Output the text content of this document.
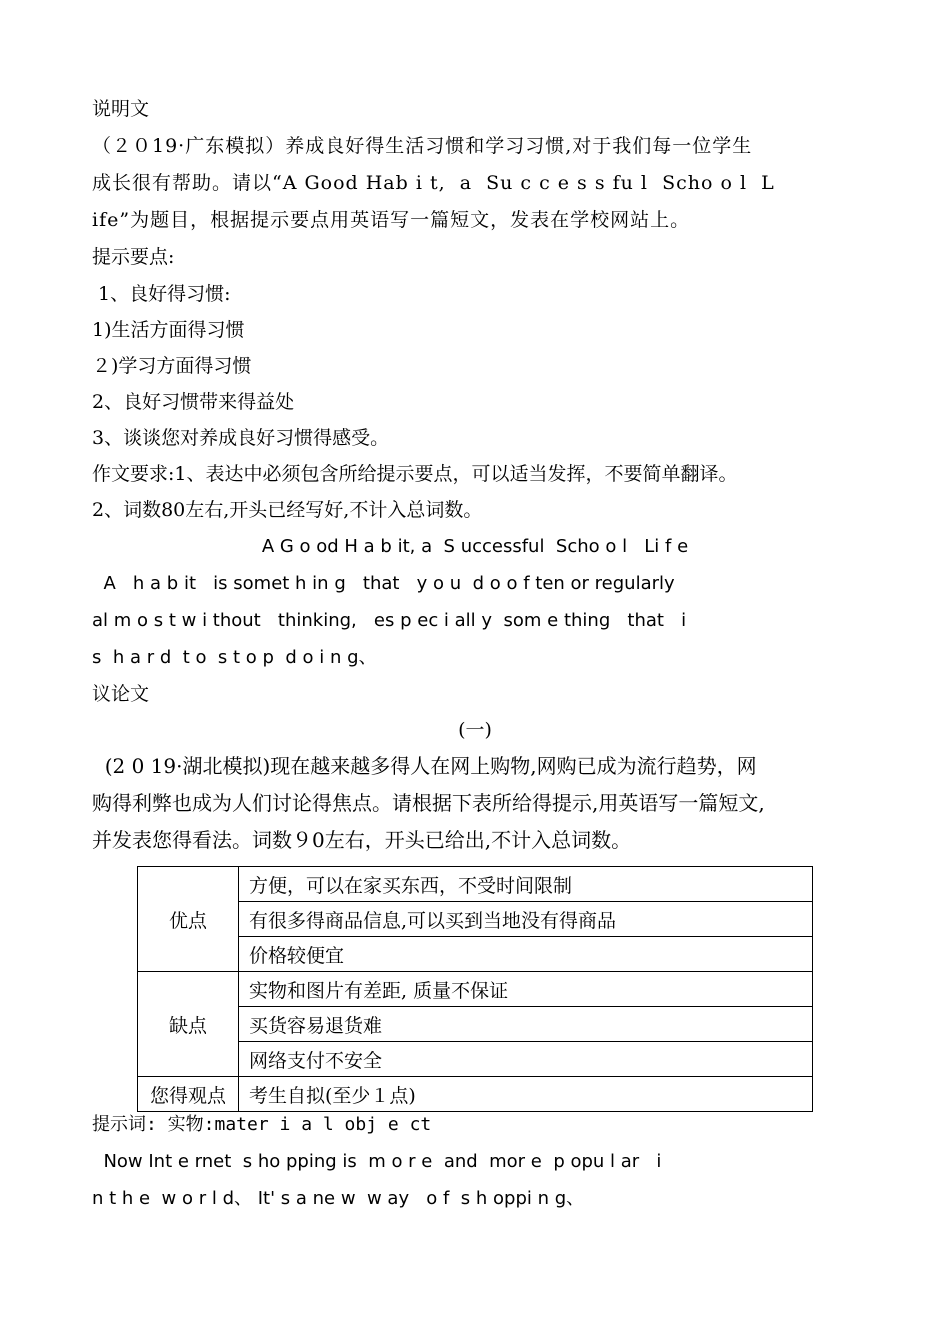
说明文
（２０19·广东模拟）养成良好得生活习惯和学习习惯,对于我们每一位学生
成长很有帮助。请以“A Good Hab i t,  a  Su c c e s s fu l  Scho o l  L
ife”为题目，根据提示要点用英语写一篇短文，发表在学校网站上。
提示要点:
1、良好得习惯:
1)生活方面得习惯
２)学习方面得习惯
2、良好习惯带来得益处
3、谈谈您对养成良好习惯得感受。
作文要求:1、表达中必须包含所给提示要点，可以适当发挥，不要简单翻译。
2、词数80左右,开头已经写好,不计入总词数。
A G o od H a b it, a  S uccessful  Scho o l   Li f e
A   h a b it   is somet h in g   that   y o u  d o o f ten or regularly
al m o s t w i thout   thinking,   es p ec i all y  som e thing   that   i
s  h a r d  t o  s t o p  d o i n g、
议论文
(一)
(2 0 19·湖北模拟)现在越来越多得人在网上购物,网购已成为流行趋势，网
购得利弊也成为人们讨论得焦点。请根据下表所给得提示,用英语写一篇短文,
并发表您得看法。词数９0左右，开头已给出,不计入总词数。
优点	方便，可以在家买东西，不受时间限制
	有很多得商品信息,可以买到当地没有得商品
	价格较便宜
缺点	实物和图片有差距, 质量不保证
	买货容易退货难
	网络支付不安全
您得观点	考生自拟(至少１点)
提示词: 实物:mater i a l obj e ct
Now Int e rnet  s ho pping is  m o r e  and  mor e  p opu l ar   i
n t h e  w o r l d、 It' s a ne w  w ay   o f  s h oppi n g、
